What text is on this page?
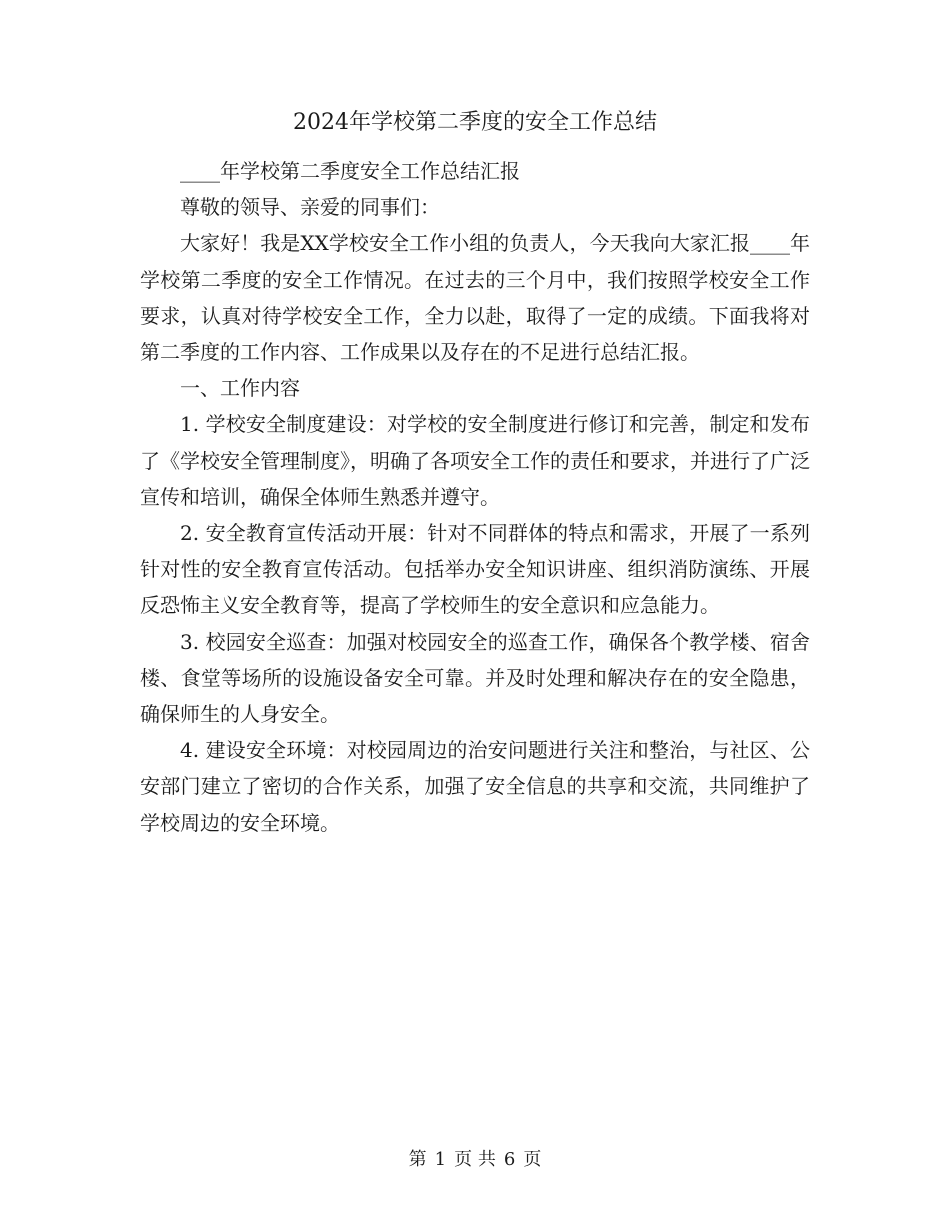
2024年学校第二季度的安全工作总结

____年学校第二季度安全工作总结汇报

尊敬的领导、亲爱的同事们：

大家好！我是XX学校安全工作小组的负责人，今天我向大家汇报____年学校第二季度的安全工作情况。在过去的三个月中，我们按照学校安全工作要求，认真对待学校安全工作，全力以赴，取得了一定的成绩。下面我将对第二季度的工作内容、工作成果以及存在的不足进行总结汇报。

一、工作内容

1. 学校安全制度建设：对学校的安全制度进行修订和完善，制定和发布了《学校安全管理制度》，明确了各项安全工作的责任和要求，并进行了广泛宣传和培训，确保全体师生熟悉并遵守。

2. 安全教育宣传活动开展：针对不同群体的特点和需求，开展了一系列针对性的安全教育宣传活动。包括举办安全知识讲座、组织消防演练、开展反恐怖主义安全教育等，提高了学校师生的安全意识和应急能力。

3. 校园安全巡查：加强对校园安全的巡查工作，确保各个教学楼、宿舍楼、食堂等场所的设施设备安全可靠。并及时处理和解决存在的安全隐患，确保师生的人身安全。

4. 建设安全环境：对校园周边的治安问题进行关注和整治，与社区、公安部门建立了密切的合作关系，加强了安全信息的共享和交流，共同维护了学校周边的安全环境。

第 1 页 共 6 页
